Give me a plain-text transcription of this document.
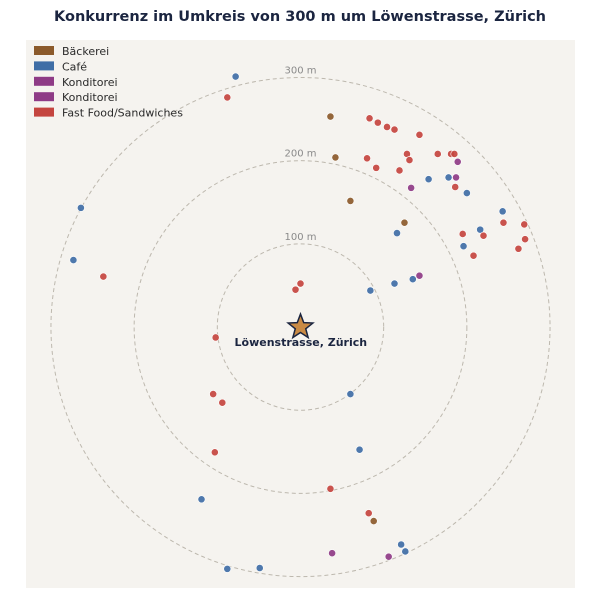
Konkurrenz im Umkreis von 300 m um Löwenstrasse, Zürich
100 m
200 m
300 m
Löwenstrasse, Zürich
Bäckerei
Café
Konditorei
Konditorei
Fast Food/Sandwiches
